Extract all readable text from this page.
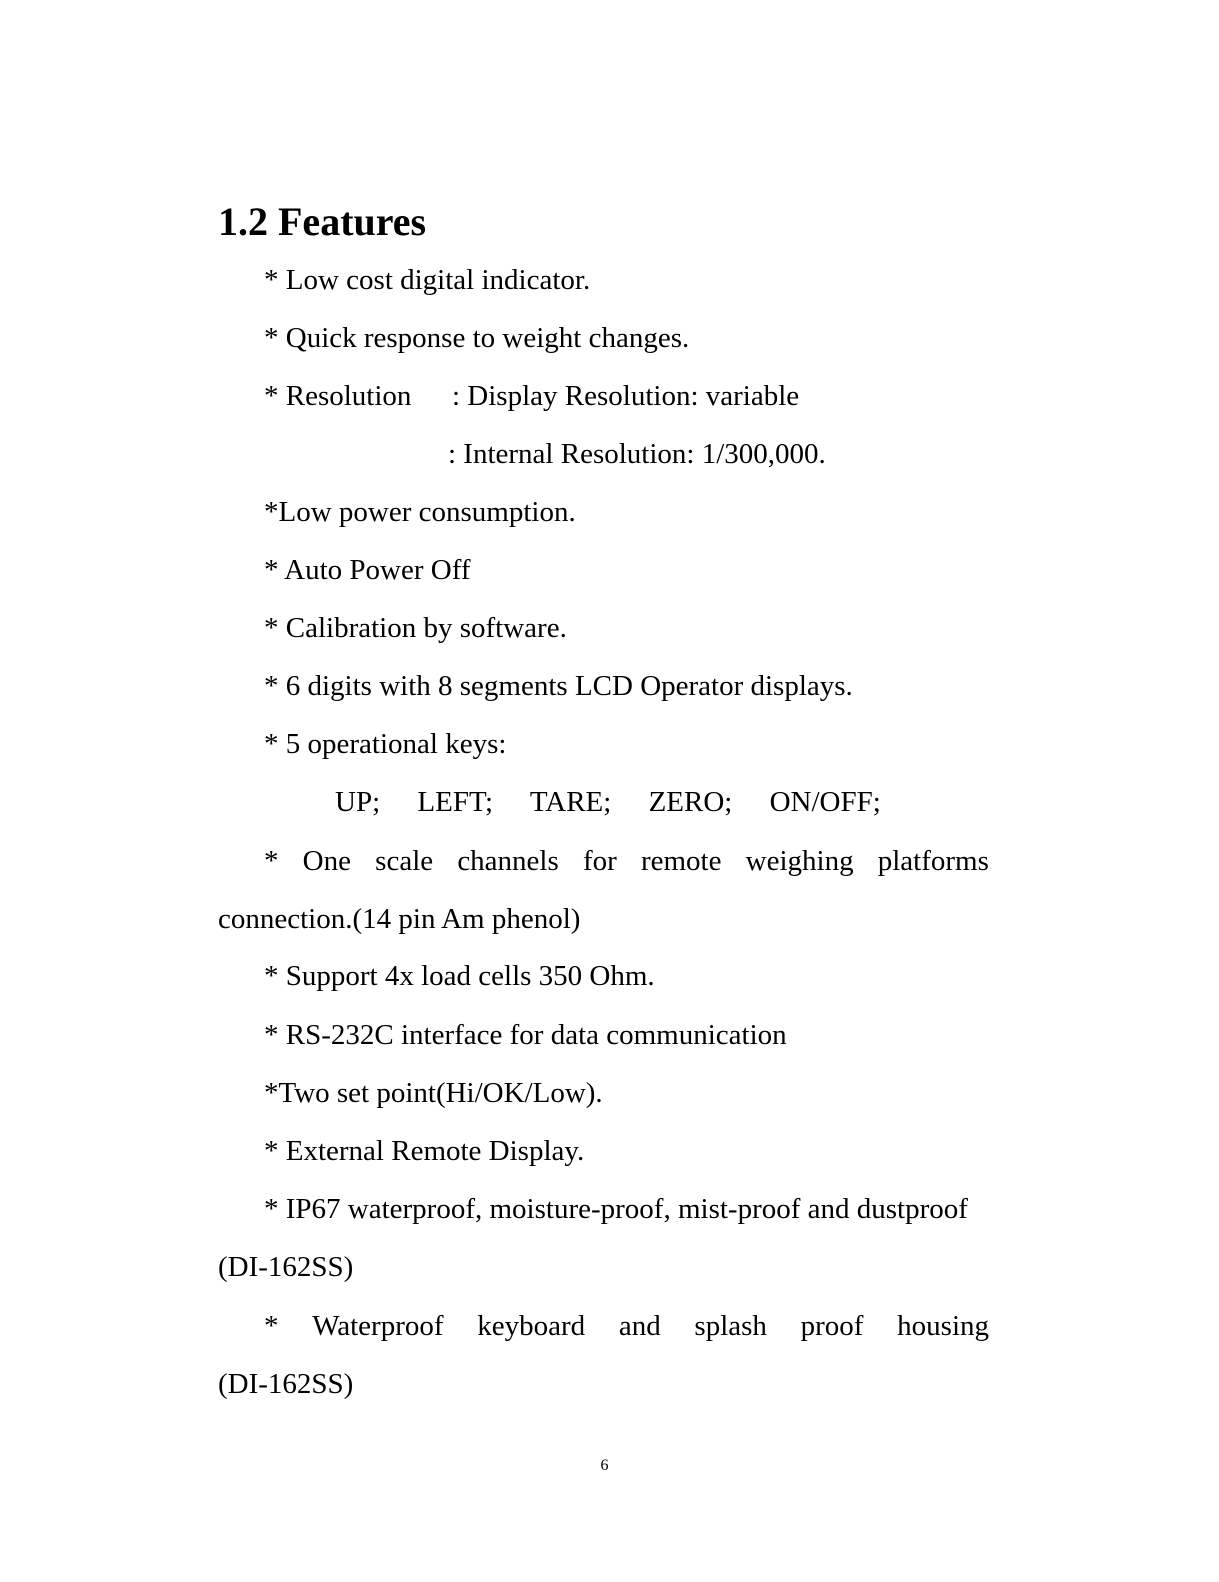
1.2 Features
* Low cost digital indicator.
* Quick response to weight changes.
* Resolution : Display Resolution: variable
: Internal Resolution: 1/300,000.
*Low power consumption.
* Auto Power Off
* Calibration by software.
* 6 digits with 8 segments LCD Operator displays.
* 5 operational keys:
UP; LEFT; TARE; ZERO; ON/OFF;
* One scale channels for remote weighing platforms
connection.(14 pin Am phenol)
* Support 4x load cells 350 Ohm.
* RS-232C interface for data communication
*Two set point(Hi/OK/Low).
* External Remote Display.
* IP67 waterproof, moisture-proof, mist-proof and dustproof
(DI-162SS)
* Waterproof keyboard and splash proof housing
(DI-162SS)
6
